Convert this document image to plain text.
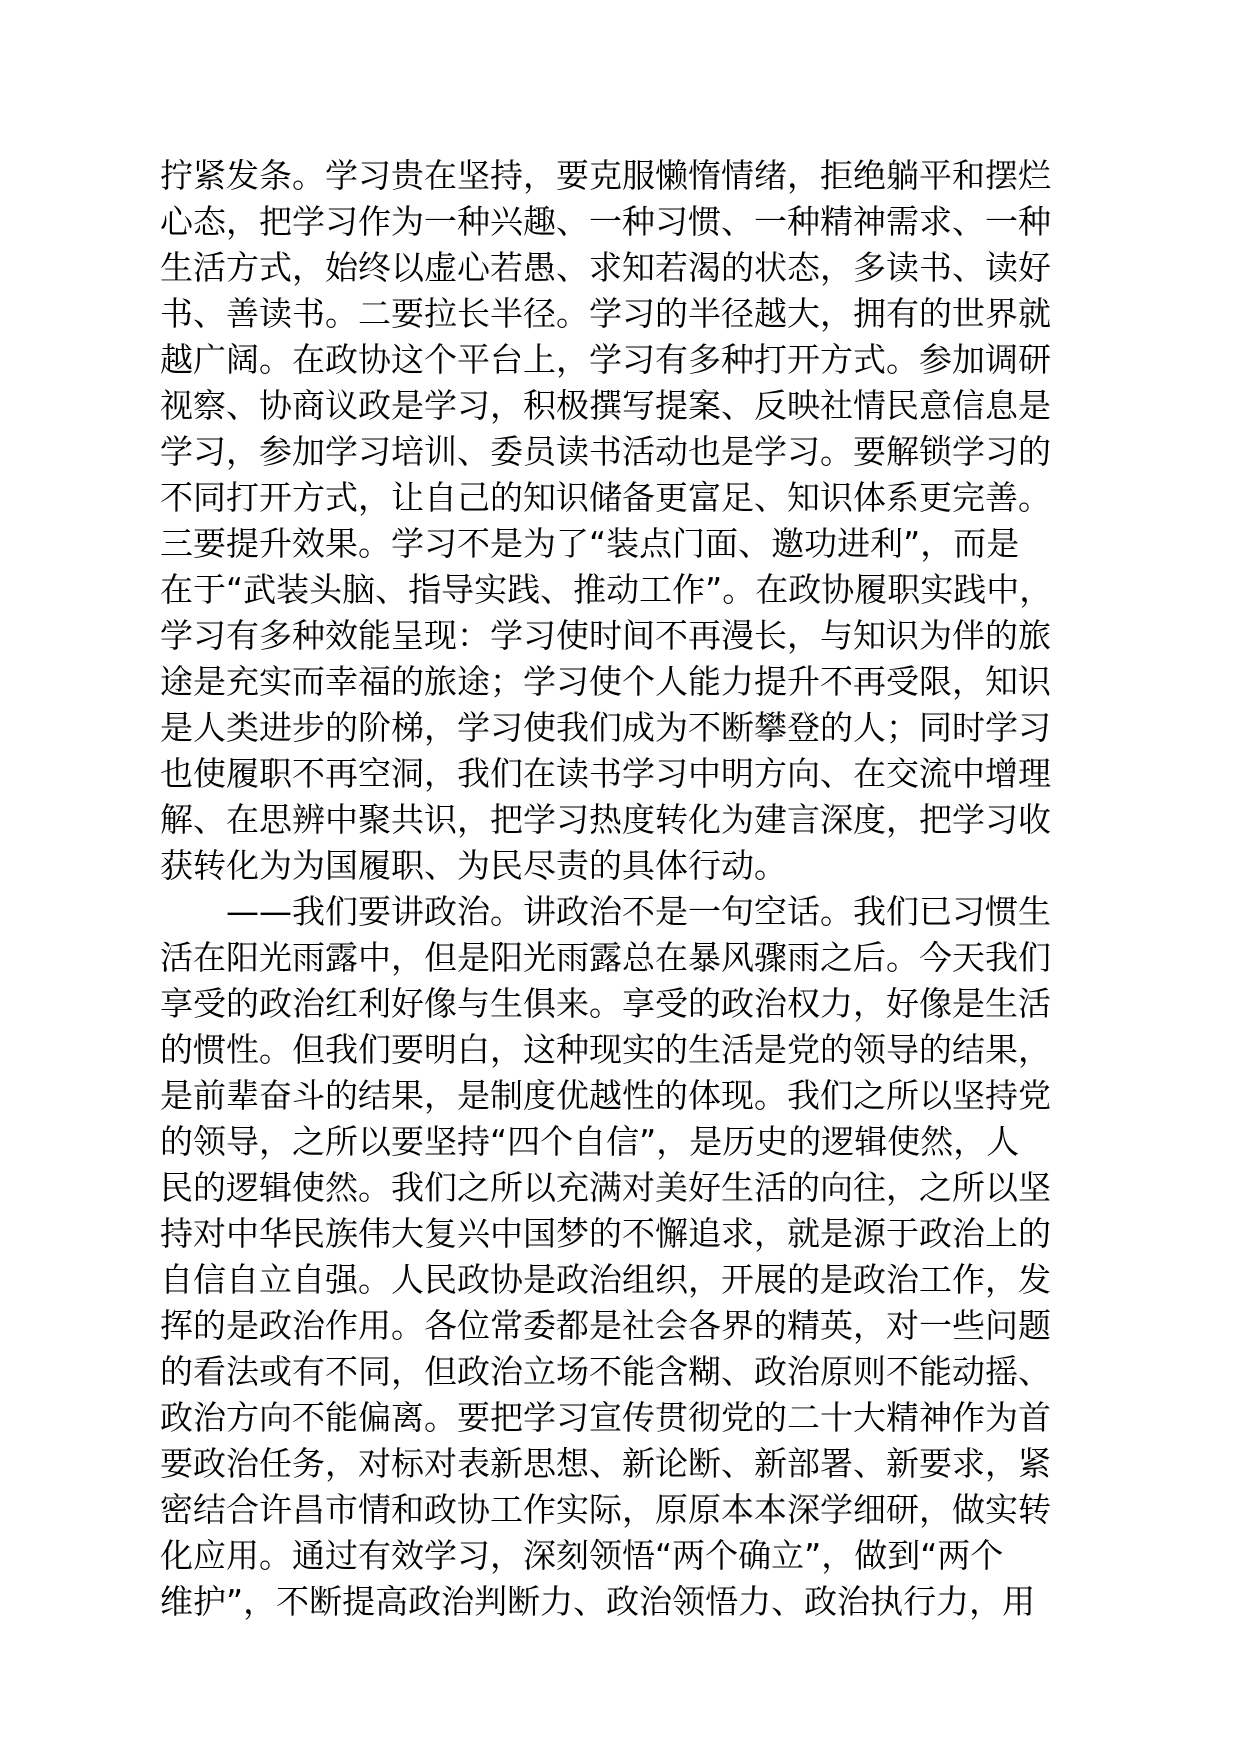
拧紧发条。学习贵在坚持，要克服懒惰情绪，拒绝躺平和摆烂
心态，把学习作为一种兴趣、一种习惯、一种精神需求、一种
生活方式，始终以虚心若愚、求知若渴的状态，多读书、读好
书、善读书。二要拉长半径。学习的半径越大，拥有的世界就
越广阔。在政协这个平台上，学习有多种打开方式。参加调研
视察、协商议政是学习，积极撰写提案、反映社情民意信息是
学习，参加学习培训、委员读书活动也是学习。要解锁学习的
不同打开方式，让自己的知识储备更富足、知识体系更完善。
三要提升效果。学习不是为了“装点门面、邀功进利”，而是
在于“武装头脑、指导实践、推动工作”。在政协履职实践中，
学习有多种效能呈现：学习使时间不再漫长，与知识为伴的旅
途是充实而幸福的旅途；学习使个人能力提升不再受限，知识
是人类进步的阶梯，学习使我们成为不断攀登的人；同时学习
也使履职不再空洞，我们在读书学习中明方向、在交流中增理
解、在思辨中聚共识，把学习热度转化为建言深度，把学习收
获转化为为国履职、为民尽责的具体行动。
——我们要讲政治。讲政治不是一句空话。我们已习惯生
活在阳光雨露中，但是阳光雨露总在暴风骤雨之后。今天我们
享受的政治红利好像与生俱来。享受的政治权力，好像是生活
的惯性。但我们要明白，这种现实的生活是党的领导的结果，
是前辈奋斗的结果，是制度优越性的体现。我们之所以坚持党
的领导，之所以要坚持“四个自信”，是历史的逻辑使然，人
民的逻辑使然。我们之所以充满对美好生活的向往，之所以坚
持对中华民族伟大复兴中国梦的不懈追求，就是源于政治上的
自信自立自强。人民政协是政治组织，开展的是政治工作，发
挥的是政治作用。各位常委都是社会各界的精英，对一些问题
的看法或有不同，但政治立场不能含糊、政治原则不能动摇、
政治方向不能偏离。要把学习宣传贯彻党的二十大精神作为首
要政治任务，对标对表新思想、新论断、新部署、新要求，紧
密结合许昌市情和政协工作实际，原原本本深学细研，做实转
化应用。通过有效学习，深刻领悟“两个确立”，做到“两个
维护”，不断提高政治判断力、政治领悟力、政治执行力，用
